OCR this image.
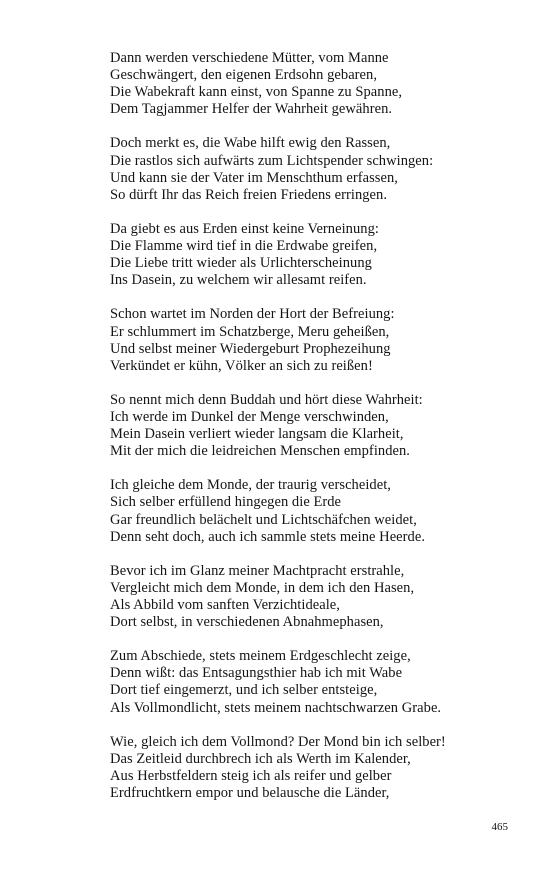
Dann werden verschiedene Mütter, vom Manne
Geschwängert, den eigenen Erdsohn gebaren,
Die Wabekraft kann einst, von Spanne zu Spanne,
Dem Tagjammer Helfer der Wahrheit gewähren.
Doch merkt es, die Wabe hilft ewig den Rassen,
Die rastlos sich aufwärts zum Lichtspender schwingen:
Und kann sie der Vater im Menschthum erfassen,
So dürft Ihr das Reich freien Friedens erringen.
Da giebt es aus Erden einst keine Verneinung:
Die Flamme wird tief in die Erdwabe greifen,
Die Liebe tritt wieder als Urlichterscheinung
Ins Dasein, zu welchem wir allesamt reifen.
Schon wartet im Norden der Hort der Befreiung:
Er schlummert im Schatzberge, Meru geheißen,
Und selbst meiner Wiedergeburt Prophezeihung
Verkündet er kühn, Völker an sich zu reißen!
So nennt mich denn Buddah und hört diese Wahrheit:
Ich werde im Dunkel der Menge verschwinden,
Mein Dasein verliert wieder langsam die Klarheit,
Mit der mich die leidreichen Menschen empfinden.
Ich gleiche dem Monde, der traurig verscheidet,
Sich selber erfüllend hingegen die Erde
Gar freundlich belächelt und Lichtschäfchen weidet,
Denn seht doch, auch ich sammle stets meine Heerde.
Bevor ich im Glanz meiner Machtpracht erstrahle,
Vergleicht mich dem Monde, in dem ich den Hasen,
Als Abbild vom sanften Verzichtideale,
Dort selbst, in verschiedenen Abnahmephasen,
Zum Abschiede, stets meinem Erdgeschlecht zeige,
Denn wißt: das Entsagungsthier hab ich mit Wabe
Dort tief eingemerzt, und ich selber entsteige,
Als Vollmondlicht, stets meinem nachtschwarzen Grabe.
Wie, gleich ich dem Vollmond? Der Mond bin ich selber!
Das Zeitleid durchbrech ich als Werth im Kalender,
Aus Herbstfeldern steig ich als reifer und gelber
Erdfruchtkern empor und belausche die Länder,
465
